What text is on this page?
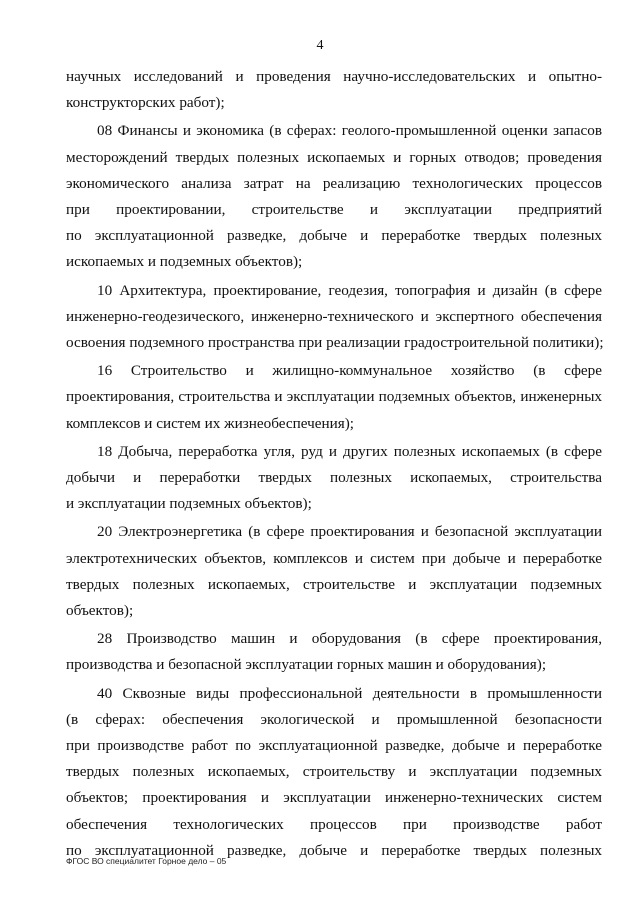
4

научных исследований и проведения научно-исследовательских и опытно-
конструкторских работ);

08 Финансы и экономика (в сферах: геолого-промышленной оценки запасов
месторождений твердых полезных ископаемых и горных отводов; проведения
экономического анализа затрат на реализацию технологических процессов
при проектировании, строительстве и эксплуатации предприятий
по эксплуатационной разведке, добыче и переработке твердых полезных
ископаемых и подземных объектов);

10 Архитектура, проектирование, геодезия, топография и дизайн (в сфере
инженерно-геодезического, инженерно-технического и экспертного обеспечения
освоения подземного пространства при реализации градостроительной политики);

16 Строительство и жилищно-коммунальное хозяйство (в сфере
проектирования, строительства и эксплуатации подземных объектов, инженерных
комплексов и систем их жизнеобеспечения);

18 Добыча, переработка угля, руд и других полезных ископаемых (в сфере
добычи и переработки твердых полезных ископаемых, строительства
и эксплуатации подземных объектов);

20 Электроэнергетика (в сфере проектирования и безопасной эксплуатации
электротехнических объектов, комплексов и систем при добыче и переработке
твердых полезных ископаемых, строительстве и эксплуатации подземных
объектов);

28 Производство машин и оборудования (в сфере проектирования,
производства и безопасной эксплуатации горных машин и оборудования);

40 Сквозные виды профессиональной деятельности в промышленности
(в сферах: обеспечения экологической и промышленной безопасности
при производстве работ по эксплуатационной разведке, добыче и переработке
твердых полезных ископаемых, строительству и эксплуатации подземных
объектов; проектирования и эксплуатации инженерно-технических систем
обеспечения технологических процессов при производстве работ
по эксплуатационной разведке, добыче и переработке твердых полезных

ФГОС ВО специалитет Горное дело – 05
